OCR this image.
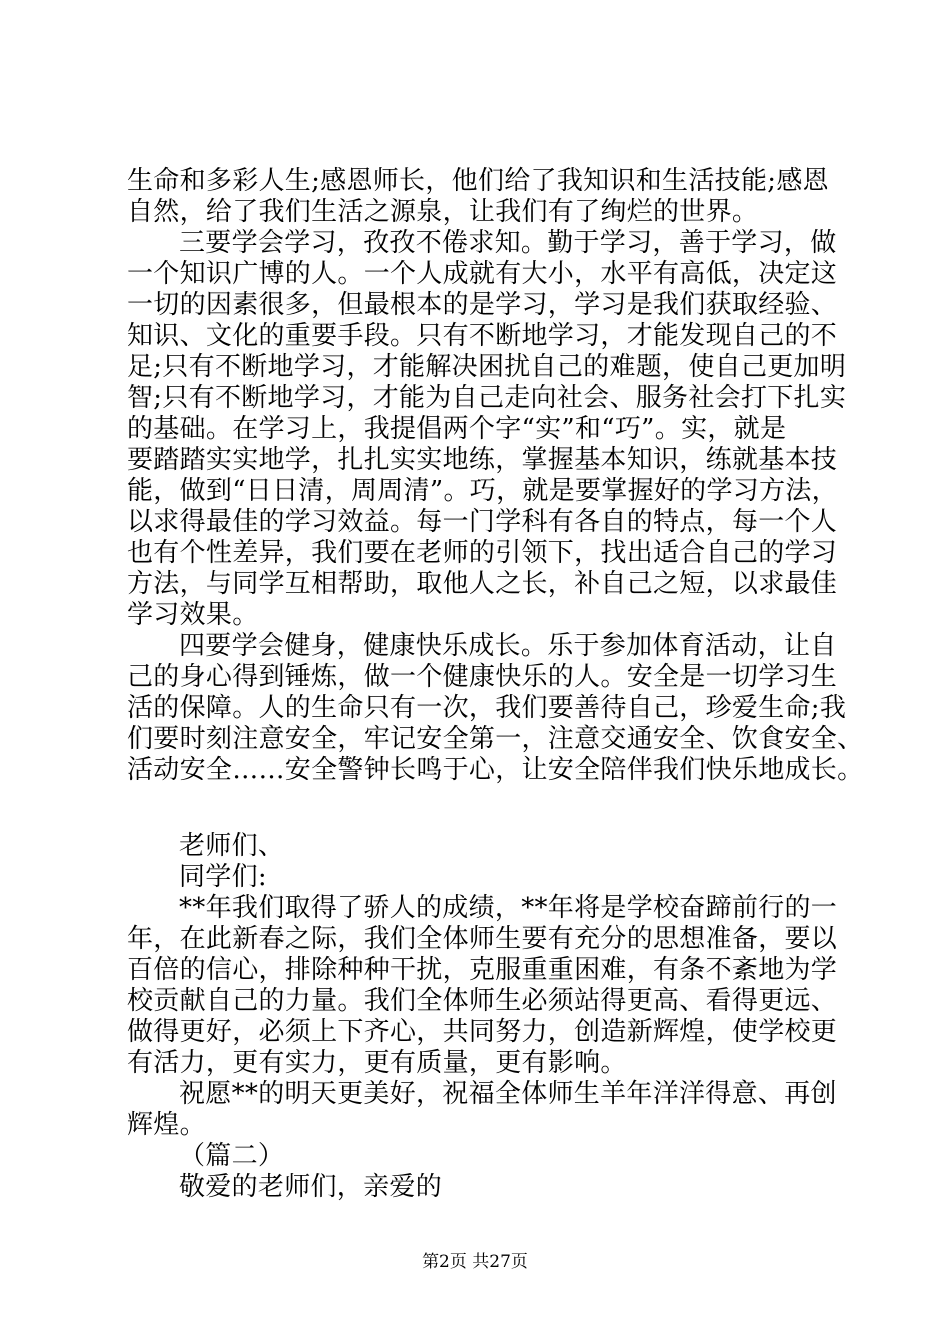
生命和多彩人生;感恩师长，他们给了我知识和生活技能;感恩
自然，给了我们生活之源泉，让我们有了绚烂的世界。
三要学会学习，孜孜不倦求知。勤于学习，善于学习，做
一个知识广博的人。一个人成就有大小，水平有高低，决定这
一切的因素很多，但最根本的是学习，学习是我们获取经验、
知识、文化的重要手段。只有不断地学习，才能发现自己的不
足;只有不断地学习，才能解决困扰自己的难题，使自己更加明
智;只有不断地学习，才能为自己走向社会、服务社会打下扎实
的基础。在学习上，我提倡两个字“实”和“巧”。实，就是
要踏踏实实地学，扎扎实实地练，掌握基本知识，练就基本技
能，做到“日日清，周周清”。巧，就是要掌握好的学习方法，
以求得最佳的学习效益。每一门学科有各自的特点，每一个人
也有个性差异，我们要在老师的引领下，找出适合自己的学习
方法，与同学互相帮助，取他人之长，补自己之短，以求最佳
学习效果。
四要学会健身，健康快乐成长。乐于参加体育活动，让自
己的身心得到锤炼，做一个健康快乐的人。安全是一切学习生
活的保障。人的生命只有一次，我们要善待自己，珍爱生命;我
们要时刻注意安全，牢记安全第一，注意交通安全、饮食安全、
活动安全……安全警钟长鸣于心，让安全陪伴我们快乐地成长。
老师们、
同学们:
**年我们取得了骄人的成绩，**年将是学校奋蹄前行的一
年，在此新春之际，我们全体师生要有充分的思想准备，要以
百倍的信心，排除种种干扰，克服重重困难，有条不紊地为学
校贡献自己的力量。我们全体师生必须站得更高、看得更远、
做得更好，必须上下齐心，共同努力，创造新辉煌，使学校更
有活力，更有实力，更有质量，更有影响。
祝愿**的明天更美好，祝福全体师生羊年洋洋得意、再创
辉煌。
（篇二）
敬爱的老师们，亲爱的
第2页 共27页
